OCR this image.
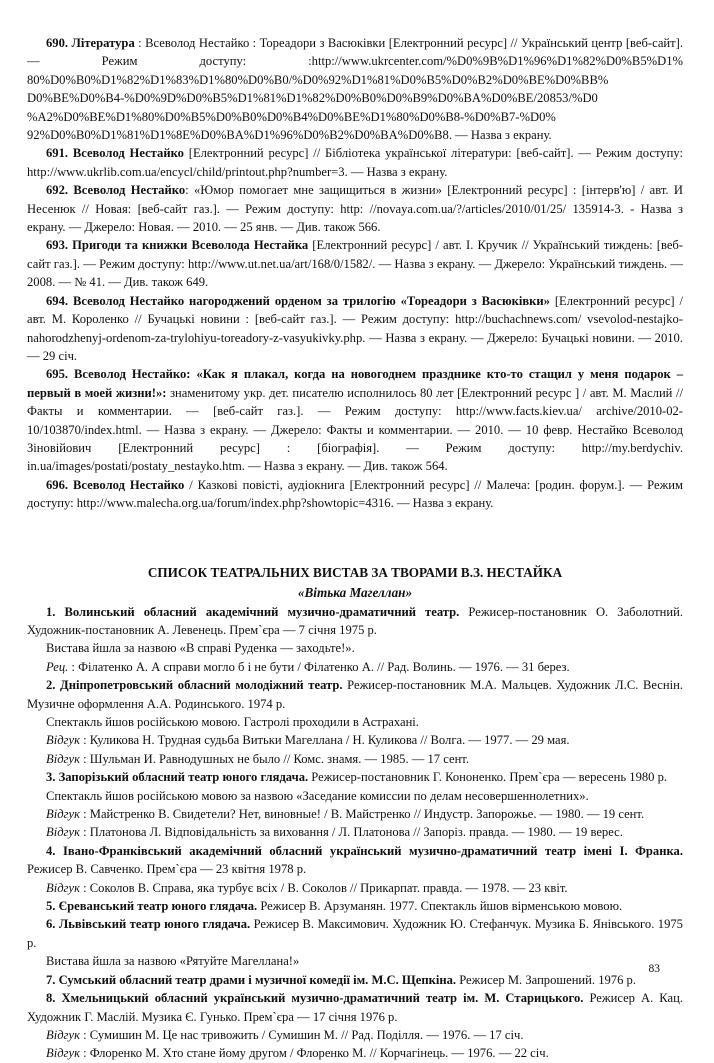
690. Література : Всеволод Нестайко : Тореадори з Васюківки [Електронний ресурс] // Український центр [веб-сайт]. — Режим доступу: :http://www.ukrcenter.com/%D0%9B%D1%96%D1%82%D0%B5%D1% 80%D0%B0%D1%82%D1%83%D1%80%D0%B0/%D0%92%D1%81%D0%B5%D0%B2%D0%BE%D0%BB% D0%BE%D0%B4-%D0%9D%D0%B5%D1%81%D1%82%D0%B0%D0%B9%D0%BA%D0%BE/20853/%D0 %A2%D0%BE%D1%80%D0%B5%D0%B0%D0%B4%D0%BE%D1%80%D0%B8-%D0%B7-%D0% 92%D0%B0%D1%81%D1%8E%D0%BA%D1%96%D0%B2%D0%BA%D0%B8. — Назва з екрану.

691. Всеволод Нестайко [Електронний ресурс] // Бібліотека української літератури: [веб-сайт]. — Режим доступу: http://www.ukrlib.com.ua/encycl/child/printout.php?number=3. — Назва з екрану.

692. Всеволод Нестайко: «Юмор помогает мне защищиться в жизни» [Електронний ресурс] : [інтерв'ю] / авт. И Несенюк // Новая: [веб-сайт газ.]. — Режим доступу: http: //novaya.com.ua/?/articles/2010/01/25/ 135914-3. - Назва з екрану. — Джерело: Новая. — 2010. — 25 янв. — Див. також 566.

693. Пригоди та книжки Всеволода Нестайка [Електронний ресурс] / авт. І. Кручик // Український тиждень: [веб-сайт газ.]. — Режим доступу: http://www.ut.net.ua/art/168/0/1582/. — Назва з екрану. — Джерело: Український тиждень. — 2008. — № 41. — Див. також 649.

694. Всеволод Нестайко нагороджений орденом за трилогію «Тореадори з Васюківки» [Електронний ресурс] / авт. М. Короленко // Бучацькі новини : [веб-сайт газ.]. — Режим доступу: http://buchachnews.com/ vsevolod-nestajko-nahorodzhenyj-ordenom-za-trylohiyu-toreadory-z-vasyukivky.php. — Назва з екрану. — Джерело: Бучацькі новини. — 2010. — 29 січ.

695. Всеволод Нестайко: «Как я плакал, когда на новогоднем празднике кто-то стащил у меня подарок – первый в моей жизни!»: знаменитому укр. дет. писателю исполнилось 80 лет [Електронний ресурс ] / авт. М. Маслий // Факты и комментарии. — [веб-сайт газ.]. — Режим доступу: http://www.facts.kiev.ua/ archive/2010-02-10/103870/index.html. — Назва з екрану. — Джерело: Факты и комментарии. — 2010. — 10 февр. Нестайко Всеволод Зіновійович [Електронний ресурс] : [біографія]. — Режим доступу: http://my.berdychiv. in.ua/images/postati/postaty_nestayko.htm. — Назва з екрану. — Див. також 564.

696. Всеволод Нестайко / Казкові повісті, аудіокнига [Електронний ресурс] // Малеча: [родин. форум.]. — Режим доступу: http://www.malecha.org.ua/forum/index.php?showtopic=4316. — Назва з екрану.

СПИСОК ТЕАТРАЛЬНИХ ВИСТАВ ЗА ТВОРАМИ В.З. НЕСТАЙКА
«Вітька Магеллан»

1. Волинський обласний академічний музично-драматичний театр. Режисер-постановник О. Заболотний. Художник-постановник А. Левенець. Прем`єра — 7 січня 1975 р.

Вистава йшла за назвою «В справі Руденка — заходьте!».

Рец. : Філатенко А. А справи могло б і не бути / Філатенко А. // Рад. Волинь. — 1976. — 31 берез.

2. Дніпропетровський обласний молодіжний театр. Режисер-постановник М.А. Мальцев. Художник Л.С. Веснін. Музичне оформлення А.А. Родинського. 1974 р.

Спектакль йшов російською мовою. Гастролі проходили в Астрахані.

Відгук : Куликова Н. Трудная судьба Витьки Магеллана / Н. Куликова // Волга. — 1977. — 29 мая.

Відгук : Шульман И. Равнодушных не было // Комс. знамя. — 1985. — 17 сент.

3. Запорізький обласний театр юного глядача. Режисер-постановник Г. Кононенко. Прем`єра — вересень 1980 р.

Спектакль йшов російською мовою за назвою «Заседание комиссии по делам несовершеннолетних».

Відгук : Майстренко В. Свидетели? Нет, виновные! / В. Майстренко // Индустр. Запорожье. — 1980. — 19 сент.

Відгук : Платонова Л. Відповідальність за виховання / Л. Платонова // Запоріз. правда. — 1980. — 19 верес.

4. Івано-Франківський академічний обласний український музично-драматичний театр імені І. Франка. Режисер В. Савченко. Прем`єра — 23 квітня 1978 р.

Відгук : Соколов В. Справа, яка турбує всіх / В. Соколов // Прикарпат. правда. — 1978. — 23 квіт.

5. Єреванський театр юного глядача. Режисер В. Арзуманян. 1977. Спектакль йшов вірменською мовою.

6. Львівський театр юного глядача. Режисер В. Максимович. Художник Ю. Стефанчук. Музика Б. Янівського. 1975 р.

Вистава йшла за назвою «Рятуйте Магеллана!»

7. Сумський обласний театр драми і музичної комедії ім. М.С. Щепкіна. Режисер М. Запрошений. 1976 р.

8. Хмельницький обласний український музично-драматичний театр ім. М. Старицького. Режисер А. Кац. Художник Г. Маслій. Музика Є. Гунько. Прем`єра — 17 січня 1976 р.

Відгук : Сумишин М. Це нас тривожить / Сумишин М. // Рад. Поділля. — 1976. — 17 січ.

Відгук : Флоренко М. Хто стане йому другом / Флоренко М. // Корчагінець. — 1976. — 22 січ.

83
